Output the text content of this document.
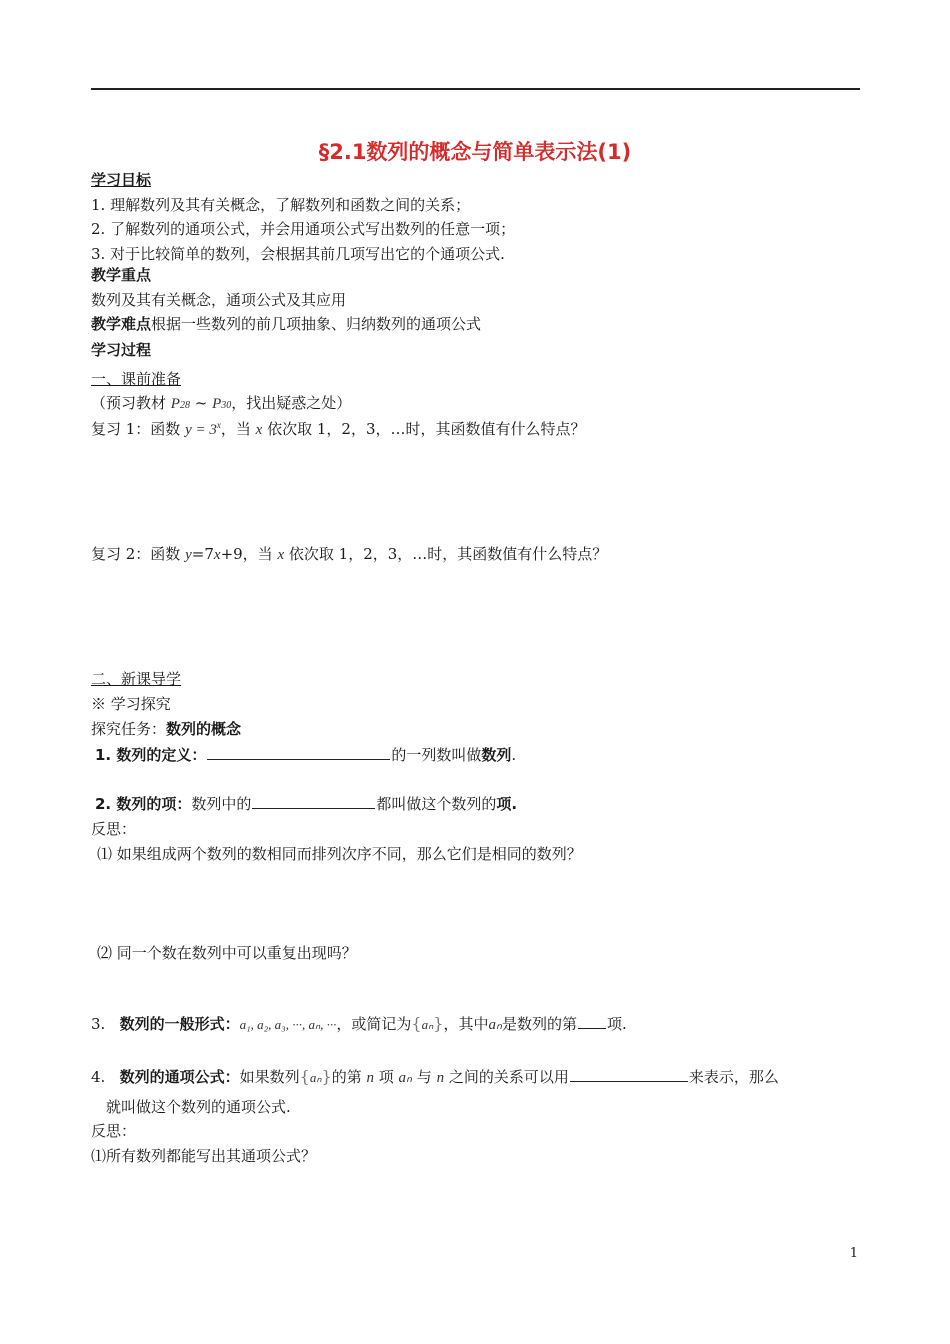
§2.1数列的概念与简单表示法(1)
学习目标
1. 理解数列及其有关概念，了解数列和函数之间的关系；
2. 了解数列的通项公式，并会用通项公式写出数列的任意一项；
3. 对于比较简单的数列，会根据其前几项写出它的个通项公式.
教学重点
数列及其有关概念，通项公式及其应用
教学难点根据一些数列的前几项抽象、归纳数列的通项公式
学习过程
一、课前准备
（预习教材 P28 ~ P30，找出疑惑之处）
复习 1：函数 $y = 3^x$，当 x 依次取 1，2，3，…时，其函数值有什么特点？
复习 2：函数 y=7x+9，当 x 依次取 1，2，3，…时，其函数值有什么特点？
二、新课导学
※ 学习探究
探究任务：数列的概念
1. 数列的定义：	的一列数叫做数列.
2. 数列的项：数列中的	都叫做这个数列的项.
反思：
⑴ 如果组成两个数列的数相同而排列次序不同，那么它们是相同的数列？
⑵ 同一个数在数列中可以重复出现吗？
3. 数列的一般形式：a₁, a₂, a₃, ···, aₙ, ···，或简记为{aₙ}，其中aₙ是数列的第 项.
4. 数列的通项公式：如果数列{aₙ}的第 n 项 aₙ 与 n 之间的关系可以用	来表示，那么
就叫做这个数列的通项公式.
反思：
⑴所有数列都能写出其通项公式？
1
